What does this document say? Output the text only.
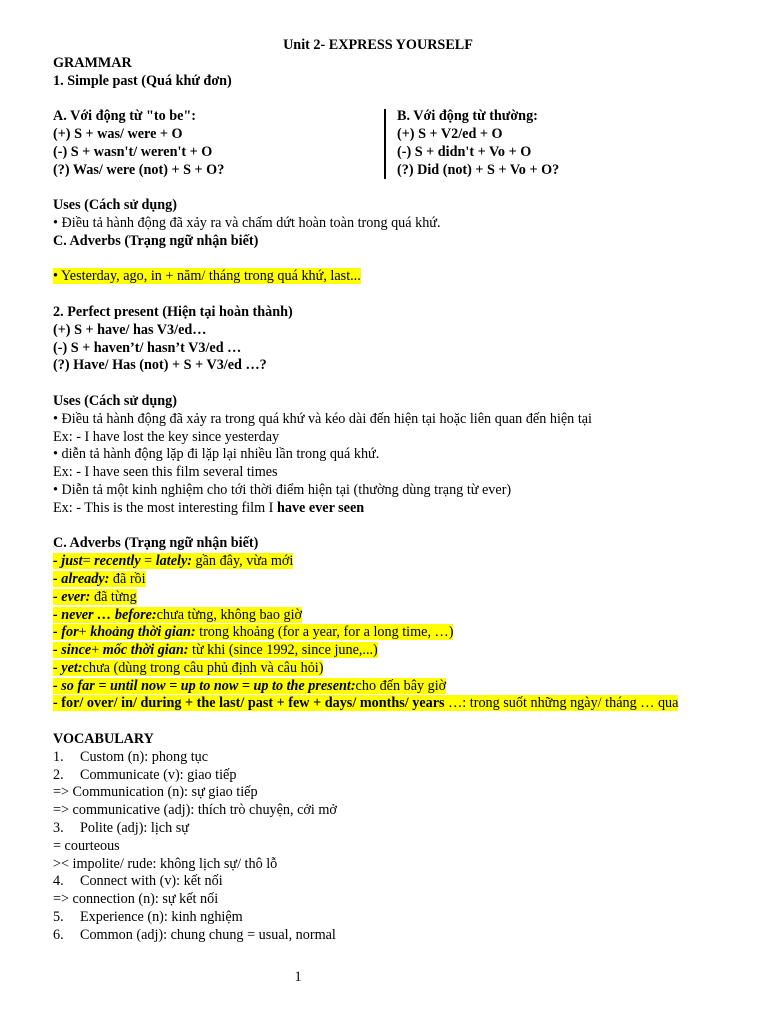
Unit 2- EXPRESS YOURSELF
GRAMMAR
1. Simple past (Quá khứ đơn)
A. Với động từ "to be":
(+) S + was/ were + O
(-) S + wasn't/ weren't + O
(?) Was/ were (not) + S + O?
B. Với động từ thường:
(+) S + V2/ed + O
(-) S + didn't + Vo + O
(?) Did (not) + S + Vo + O?
Uses (Cách sử dụng)
• Điều tả hành động đã xảy ra và chấm dứt hoàn toàn trong quá khứ.
C. Adverbs (Trạng ngữ nhận biết)
• Yesterday, ago, in + năm/ tháng trong quá khứ, last...
2. Perfect present (Hiện tại hoàn thành)
(+) S + have/ has V3/ed…
(-) S + haven’t/ hasn’t V3/ed …
(?) Have/ Has (not) + S + V3/ed …?
Uses (Cách sử dụng)
• Điều tả hành động đã xảy ra trong quá khứ và kéo dài đến hiện tại hoặc liên quan đến hiện tại
Ex: - I have lost the key since yesterday
• diễn tả hành động lặp đi lặp lại nhiều lần trong quá khứ.
Ex: - I have seen this film several times
• Diễn tả một kinh nghiệm cho tới thời điểm hiện tại (thường dùng trạng từ ever)
Ex: - This is the most interesting film I have ever seen
C. Adverbs (Trạng ngữ nhận biết)
- just= recently = lately: gần đây, vừa mới
- already: đã rồi
- ever: đã từng
- never … before:chưa từng, không bao giờ
- for+ khoảng thời gian: trong khoảng (for a year, for a long time, …)
- since+ mốc thời gian: từ khi (since 1992, since june,...)
- yet:chưa (dùng trong câu phủ định và câu hỏi)
- so far = until now = up to now = up to the present:cho đến bây giờ
- for/ over/ in/ during + the last/ past + few + days/ months/ years …: trong suốt những ngày/ tháng … qua
VOCABULARY
1. Custom (n): phong tục
2. Communicate (v): giao tiếp
=> Communication (n): sự giao tiếp
=> communicative (adj): thích trò chuyện, cởi mở
3. Polite (adj): lịch sự
= courteous
>< impolite/ rude: không lịch sự/ thô lỗ
4. Connect with (v): kết nối
=> connection (n): sự kết nối
5. Experience (n): kinh nghiệm
6. Common (adj): chung chung = usual, normal
1
